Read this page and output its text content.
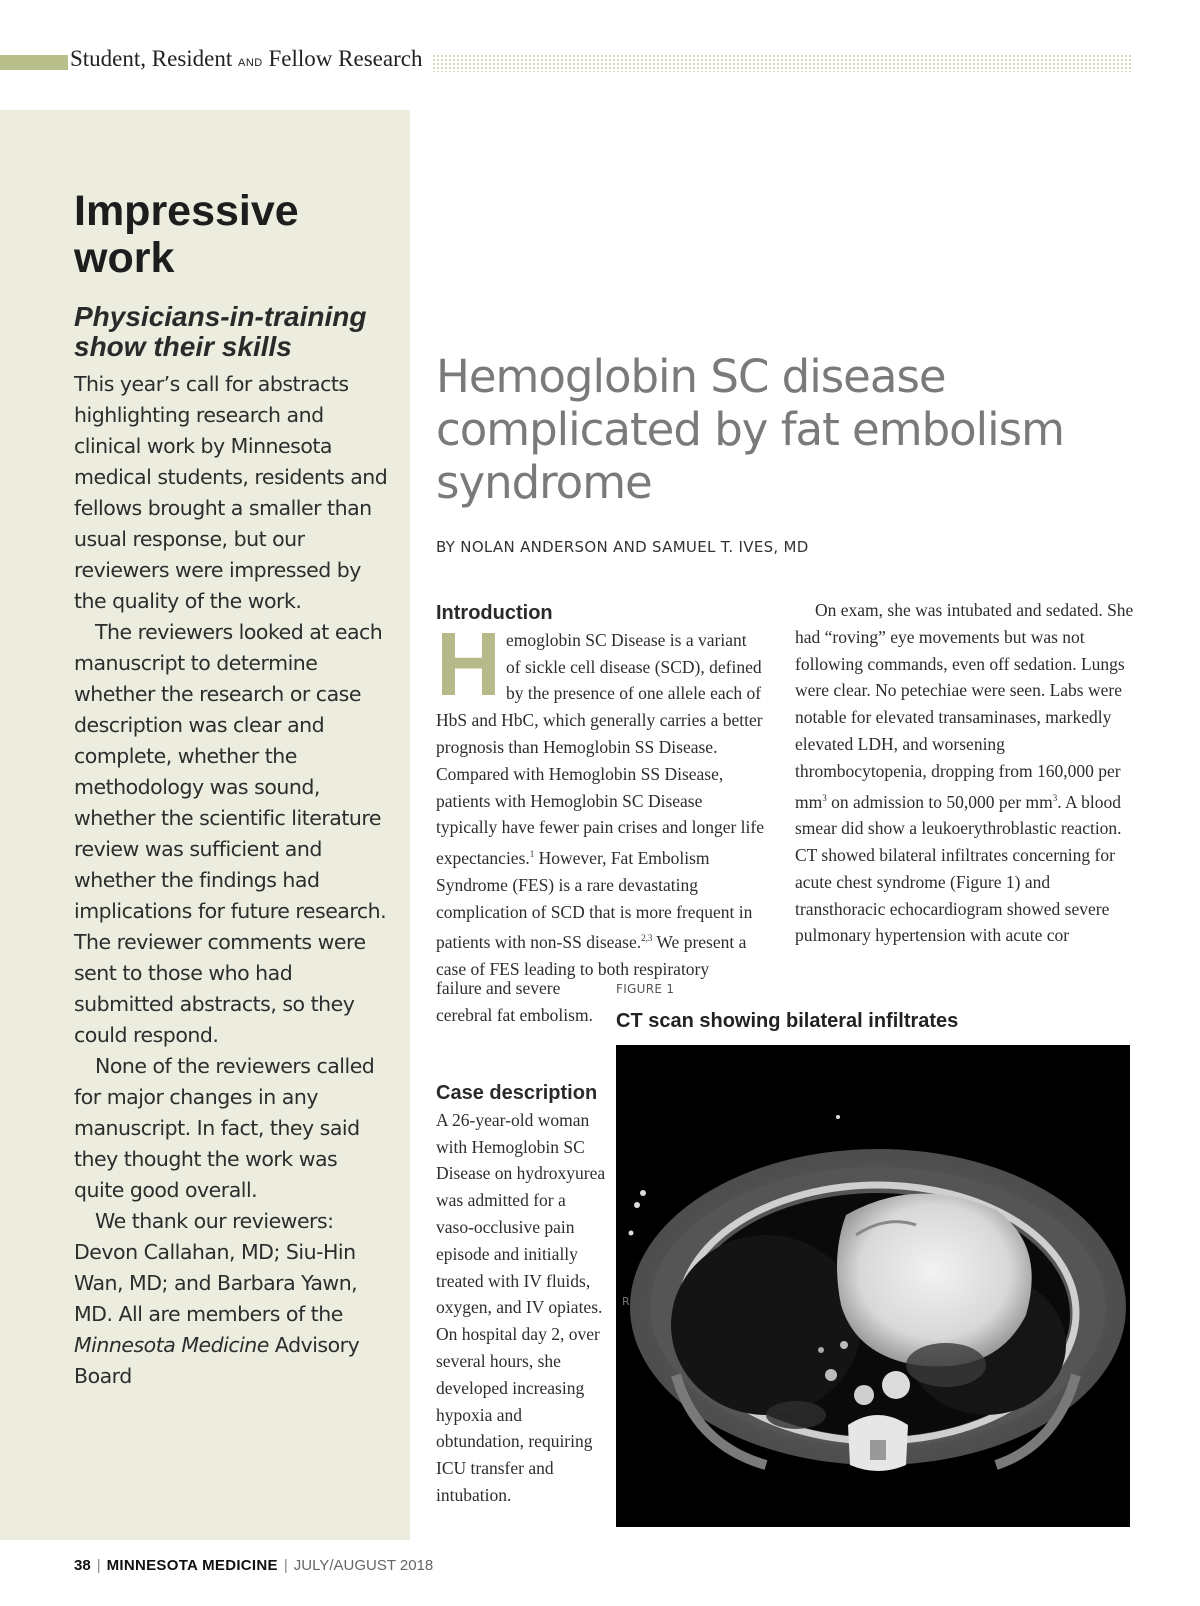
Student, Resident AND Fellow Research
Impressive work
Physicians-in-training show their skills

This year’s call for abstracts highlighting research and clinical work by Minnesota medical students, residents and fellows brought a smaller than usual response, but our reviewers were impressed by the quality of the work.

The reviewers looked at each manuscript to determine whether the research or case description was clear and complete, whether the methodology was sound, whether the scientific literature review was sufficient and whether the findings had implications for future research. The reviewer comments were sent to those who had submitted abstracts, so they could respond.

None of the reviewers called for major changes in any manuscript. In fact, they said they thought the work was quite good overall.

We thank our reviewers: Devon Callahan, MD; Siu-Hin Wan, MD; and Barbara Yawn, MD. All are members of the Minnesota Medicine Advisory Board

Hemoglobin SC disease complicated by fat embolism syndrome
BY NOLAN ANDERSON AND SAMUEL T. IVES, MD
Introduction

Hemoglobin SC Disease is a variant of sickle cell disease (SCD), defined by the presence of one allele each of HbS and HbC, which generally carries a better prognosis than Hemoglobin SS Disease. Compared with Hemoglobin SS Disease, patients with Hemoglobin SC Disease typically have fewer pain crises and longer life expectancies.$^1$ However, Fat Embolism Syndrome (FES) is a rare devastating complication of SCD that is more frequent in patients with non-SS disease.$^{2,3}$ We present a case of FES leading to both respiratory

failure and severe cerebral fat embolism.

Case description

A 26-year-old woman with Hemoglobin SC Disease on hydroxyurea was admitted for a vaso-occlusive pain episode and initially treated with IV fluids, oxygen, and IV opiates. On hospital day 2, over several hours, she developed increasing hypoxia and obtundation, requiring ICU transfer and intubation.

On exam, she was intubated and sedated. She had “roving” eye movements but was not following commands, even off sedation. Lungs were clear. No petechiae were seen. Labs were notable for elevated transaminases, markedly elevated LDH, and worsening thrombocytopenia, dropping from 160,000 per $mm^3$ on admission to 50,000 per $mm^3$. A blood smear did show a leukoerythroblastic reaction. CT showed bilateral infiltrates concerning for acute chest syndrome (Figure 1) and transthoracic echocardiogram showed severe pulmonary hypertension with acute cor

FIGURE 1
CT scan showing bilateral infiltrates
R
38 | MINNESOTA MEDICINE | JULY/AUGUST 2018
